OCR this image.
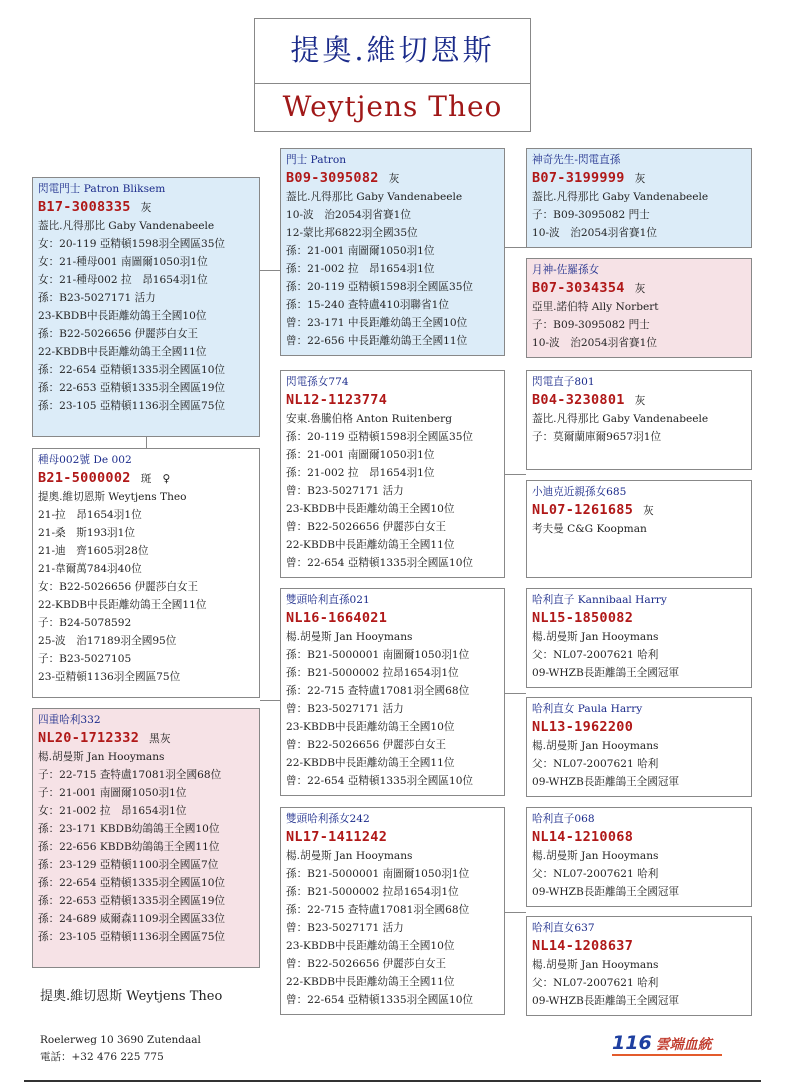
提奧.維切恩斯
Weytjens Theo
閃電門士 Patron Bliksem
B17-3008335 灰
葢比.凡得那比 Gaby Vandenabeele
女：20-119 亞精頓1598羽全國區35位
女：21-種母001 南圖爾1050羽1位
女：21-種母002 拉　昂1654羽1位
孫：B23-5027171 活力
23-KBDB中長距離幼鴿王全國10位
孫：B22-5026656 伊麗莎白女王
22-KBDB中長距離幼鴿王全國11位
孫：22-654 亞精頓1335羽全國區10位
孫：22-653 亞精頓1335羽全國區19位
孫：23-105 亞精頓1136羽全國區75位
種母002號 De 002
B21-5000002 斑　♀
提奧.維切恩斯 Weytjens Theo
21-拉　昂1654羽1位
21-桑　斯193羽1位
21-迪　齊1605羽28位
21-韋爾萬784羽40位
女：B22-5026656 伊麗莎白女王
22-KBDB中長距離幼鴿王全國11位
子：B24-5078592
25-波　治17189羽全國95位
子：B23-5027105
23-亞精頓1136羽全國區75位
四重哈利332
NL20-1712332 黑灰
楊.胡曼斯 Jan Hooymans
子：22-715 查特盧17081羽全國68位
子：21-001 南圖爾1050羽1位
女：21-002 拉　昂1654羽1位
孫：23-171 KBDB幼鴿鴿王全國10位
孫：22-656 KBDB幼鴿鴿王全國11位
孫：23-129 亞精頓1100羽全國區7位
孫：22-654 亞精頓1335羽全國區10位
孫：22-653 亞精頓1335羽全國區19位
孫：24-689 威爾森1109羽全國區33位
孫：23-105 亞精頓1136羽全國區75位
門士 Patron
B09-3095082 灰
葢比.凡得那比 Gaby Vandenabeele
10-波　治2054羽省賽1位
12-蒙比邦6822羽全國35位
孫：21-001 南圖爾1050羽1位
孫：21-002 拉　昂1654羽1位
孫：20-119 亞精頓1598羽全國區35位
孫：15-240 查特盧410羽聯省1位
曾：23-171 中長距離幼鴿王全國10位
曾：22-656 中長距離幼鴿王全國11位
閃電孫女774
NL12-1123774
安東.魯騰伯格 Anton Ruitenberg
孫：20-119 亞精頓1598羽全國區35位
孫：21-001 南圖爾1050羽1位
孫：21-002 拉　昂1654羽1位
曾：B23-5027171 活力
23-KBDB中長距離幼鴿王全國10位
曾：B22-5026656 伊麗莎白女王
22-KBDB中長距離幼鴿王全國11位
曾：22-654 亞精頓1335羽全國區10位
雙頭哈利直孫021
NL16-1664021
楊.胡曼斯 Jan Hooymans
孫：B21-5000001 南圖爾1050羽1位
孫：B21-5000002 拉昂1654羽1位
孫：22-715 查特盧17081羽全國68位
曾：B23-5027171 活力
23-KBDB中長距離幼鴿王全國10位
曾：B22-5026656 伊麗莎白女王
22-KBDB中長距離幼鴿王全國11位
曾：22-654 亞精頓1335羽全國區10位
雙頭哈利孫女242
NL17-1411242
楊.胡曼斯 Jan Hooymans
孫：B21-5000001 南圖爾1050羽1位
孫：B21-5000002 拉昂1654羽1位
孫：22-715 查特盧17081羽全國68位
曾：B23-5027171 活力
23-KBDB中長距離幼鴿王全國10位
曾：B22-5026656 伊麗莎白女王
22-KBDB中長距離幼鴿王全國11位
曾：22-654 亞精頓1335羽全國區10位
神奇先生-閃電直孫
B07-3199999 灰
葢比.凡得那比 Gaby Vandenabeele
子：B09-3095082 門士
10-波　治2054羽省賽1位
月神-佐羅孫女
B07-3034354 灰
亞里.諾伯特 Ally Norbert
子：B09-3095082 門士
10-波　治2054羽省賽1位
閃電直子801
B04-3230801 灰
葢比.凡得那比 Gaby Vandenabeele
子：莫爾蘭庫爾9657羽1位
小迪克近親孫女685
NL07-1261685 灰
考夫曼 C&G Koopman
哈利直子 Kannibaal Harry
NL15-1850082
楊.胡曼斯 Jan Hooymans
父：NL07-2007621 哈利
09-WHZB長距離鴿王全國冠軍
哈利直女 Paula Harry
NL13-1962200
楊.胡曼斯 Jan Hooymans
父：NL07-2007621 哈利
09-WHZB長距離鴿王全國冠軍
哈利直子068
NL14-1210068
楊.胡曼斯 Jan Hooymans
父：NL07-2007621 哈利
09-WHZB長距離鴿王全國冠軍
哈利直女637
NL14-1208637
楊.胡曼斯 Jan Hooymans
父：NL07-2007621 哈利
09-WHZB長距離鴿王全國冠軍
提奧.維切恩斯 Weytjens Theo
Roelerweg 10 3690 Zutendaal
電話：+32 476 225 775
116 雲端血統
